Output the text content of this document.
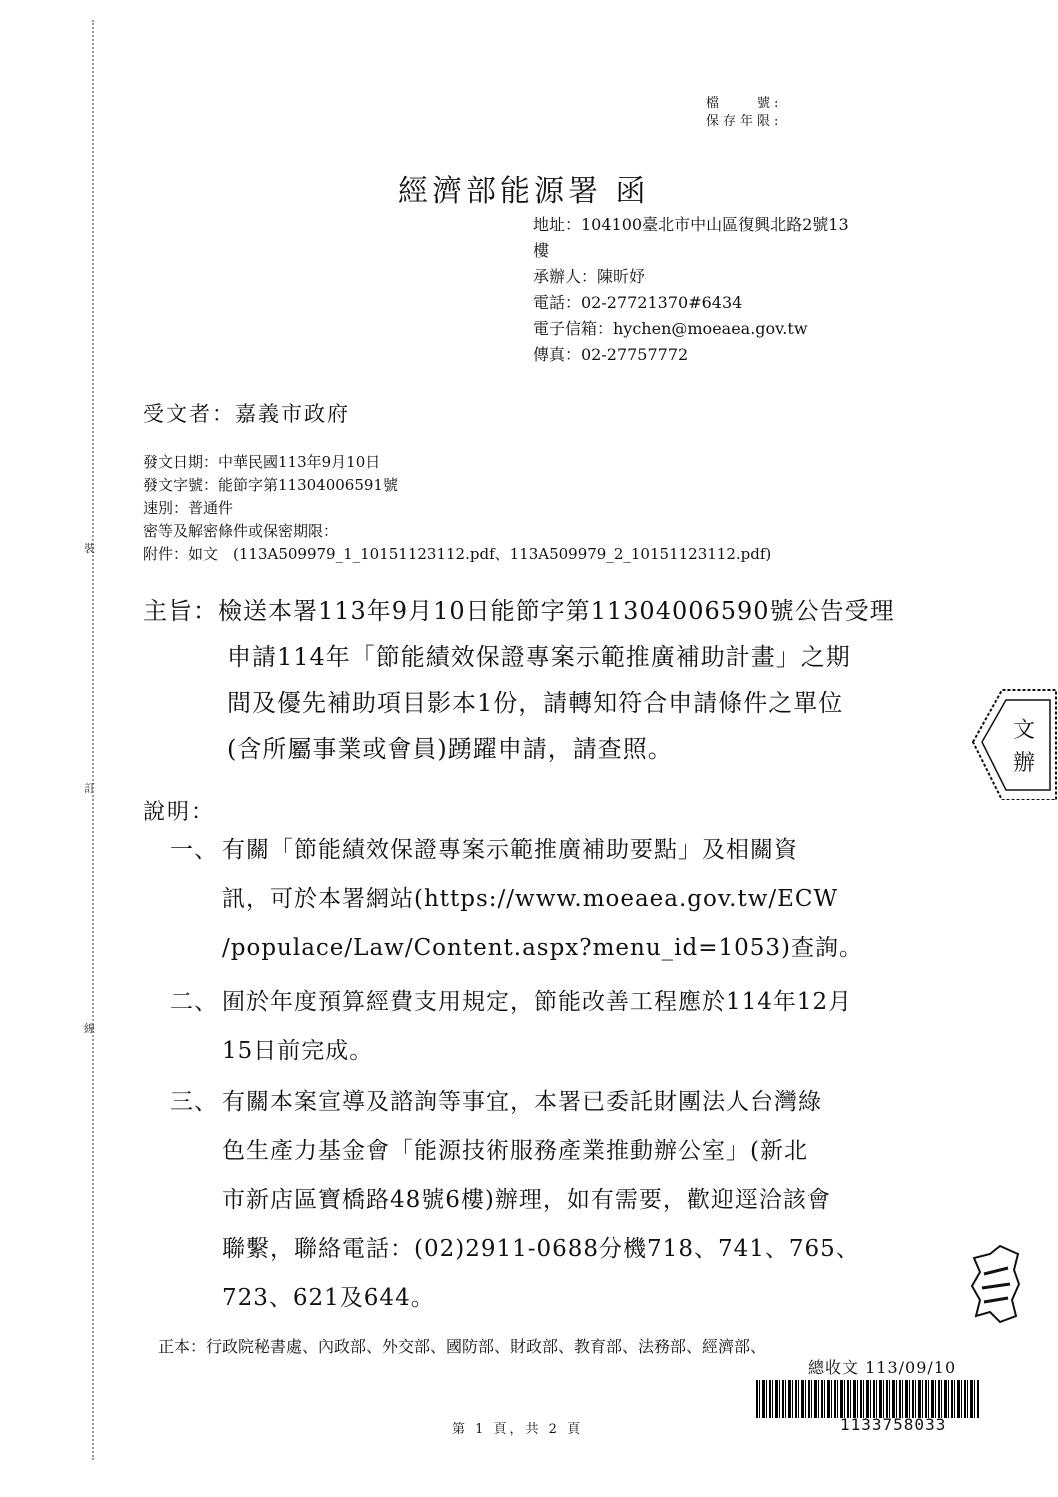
裝
訂
線
檔　　號:
保存年限:
經濟部能源署 函
地址：104100臺北市中山區復興北路2號13
樓
承辦人：陳昕妤
電話：02-27721370#6434
電子信箱：hychen@moeaea.gov.tw
傳真：02-27757772
受文者：嘉義市政府
發文日期：中華民國113年9月10日
發文字號：能節字第11304006591號
速別：普通件
密等及解密條件或保密期限：
附件：如文　(113A509979_1_10151123112.pdf、113A509979_2_10151123112.pdf)
主旨：檢送本署113年9月10日能節字第11304006590號公告受理
申請114年「節能績效保證專案示範推廣補助計畫」之期
間及優先補助項目影本1份，請轉知符合申請條件之單位
(含所屬事業或會員)踴躍申請，請查照。
說明：
一、 有關「節能績效保證專案示範推廣補助要點」及相關資
訊，可於本署網站(https://www.moeaea.gov.tw/ECW
/populace/Law/Content.aspx?menu_id=1053)查詢。
二、 囿於年度預算經費支用規定，節能改善工程應於114年12月
15日前完成。
三、 有關本案宣導及諮詢等事宜，本署已委託財團法人台灣綠
色生產力基金會「能源技術服務產業推動辦公室」(新北
市新店區寶橋路48號6樓)辦理，如有需要，歡迎逕洽該會
聯繫，聯絡電話：(02)2911-0688分機718、741、765、
723、621及644。
正本：行政院秘書處、內政部、外交部、國防部、財政部、教育部、法務部、經濟部、
總收文 113/09/10
1133758033
第 1 頁，共 2 頁
文
辦
